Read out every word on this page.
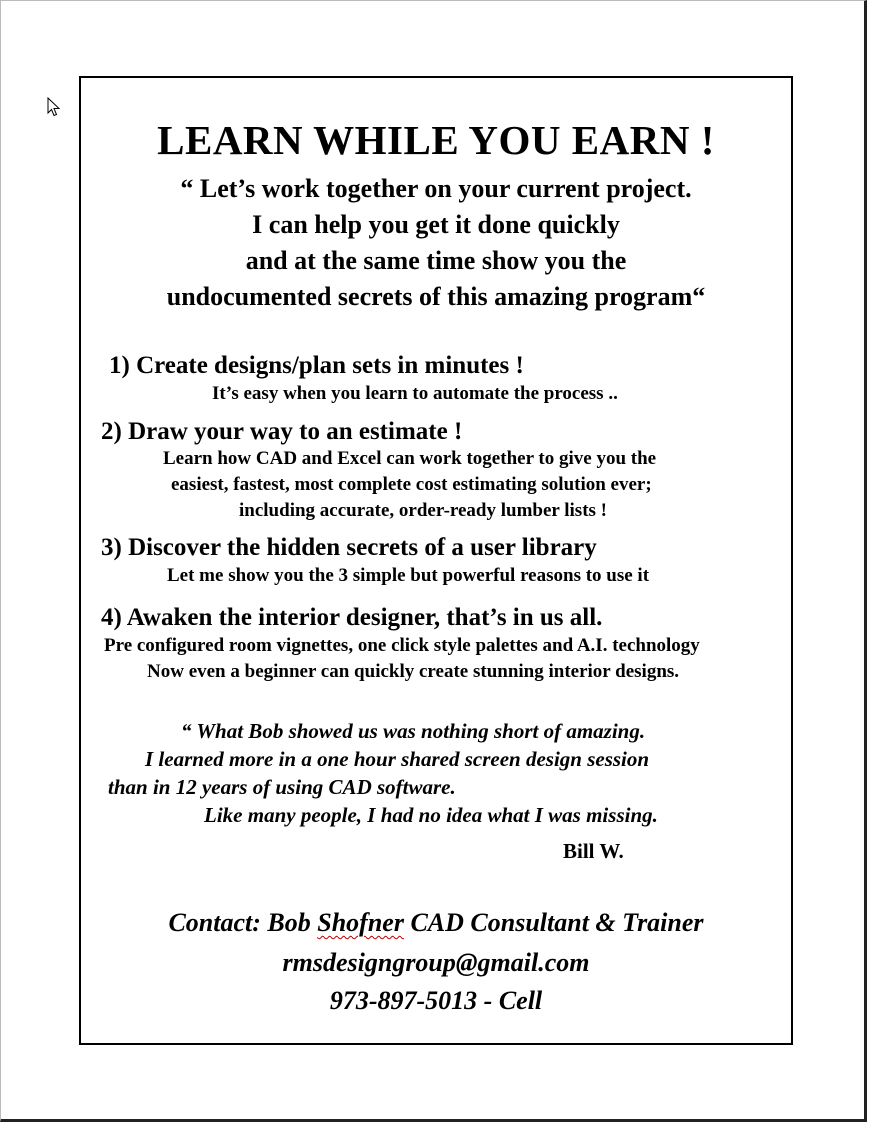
LEARN WHILE YOU EARN !
“ Let’s work together on your current project.
I can help you get it done quickly
and at the same time show you the
undocumented secrets of this amazing program“
1) Create designs/plan sets in minutes !
It’s easy when you learn to automate the process ..
2) Draw your way to an estimate !
Learn how CAD and Excel can work together to give you the
easiest, fastest, most complete cost estimating solution ever;
including accurate, order-ready lumber lists !
3) Discover the hidden secrets of a user library
Let me show you the 3 simple but powerful reasons to use it
4) Awaken the interior designer, that’s in us all.
Pre configured room vignettes, one click style palettes and A.I. technology
Now even a beginner can quickly create stunning interior designs.
“ What Bob showed us was nothing short of amazing.
I learned more in a one hour shared screen design session
than in 12 years of using CAD software.
Like many people, I had no idea what I was missing.
Bill W.
Contact: Bob Shofner CAD Consultant & Trainer
rmsdesigngroup@gmail.com
973-897-5013 - Cell
